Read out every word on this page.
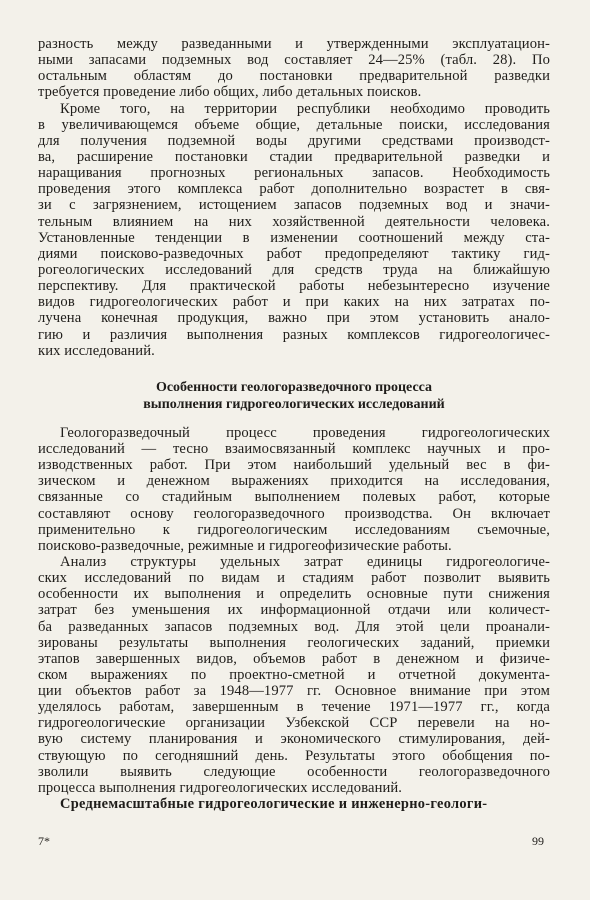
разность между разведанными и утвержденными эксплуатацион-
ными запасами подземных вод составляет 24—25% (табл. 28). По
остальным областям до постановки предварительной разведки
требуется проведение либо общих, либо детальных поисков.
Кроме того, на территории республики необходимо проводить
в увеличивающемся объеме общие, детальные поиски, исследования
для получения подземной воды другими средствами производст-
ва, расширение постановки стадии предварительной разведки и
наращивания прогнозных региональных запасов. Необходимость
проведения этого комплекса работ дополнительно возрастет в свя-
зи с загрязнением, истощением запасов подземных вод и значи-
тельным влиянием на них хозяйственной деятельности человека.
Установленные тенденции в изменении соотношений между ста-
диями поисково-разведочных работ предопределяют тактику гид-
рогеологических исследований для средств труда на ближайшую
перспективу. Для практической работы небезынтересно изучение
видов гидрогеологических работ и при каких на них затратах по-
лучена конечная продукция, важно при этом установить анало-
гию и различия выполнения разных комплексов гидрогеологичес-
ких исследований.
Особенности геологоразведочного процесса
выполнения гидрогеологических исследований
Геологоразведочный процесс проведения гидрогеологических
исследований — тесно взаимосвязанный комплекс научных и про-
изводственных работ. При этом наибольший удельный вес в фи-
зическом и денежном выражениях приходится на исследования,
связанные со стадийным выполнением полевых работ, которые
составляют основу геологоразведочного производства. Он включает
применительно к гидрогеологическим исследованиям съемочные,
поисково-разведочные, режимные и гидрогеофизические работы.
Анализ структуры удельных затрат единицы гидрогеологиче-
ских исследований по видам и стадиям работ позволит выявить
особенности их выполнения и определить основные пути снижения
затрат без уменьшения их информационной отдачи или количест-
ба разведанных запасов подземных вод. Для этой цели проанали-
зированы результаты выполнения геологических заданий, приемки
этапов завершенных видов, объемов работ в денежном и физиче-
ском выражениях по проектно-сметной и отчетной документа-
ции объектов работ за 1948—1977 гг. Основное внимание при этом
уделялось работам, завершенным в течение 1971—1977 гг., когда
гидрогеологические организации Узбекской ССР перевели на но-
вую систему планирования и экономического стимулирования, дей-
ствующую по сегодняшний день. Результаты этого обобщения по-
зволили выявить следующие особенности геологоразведочного
процесса выполнения гидрогеологических исследований.
Среднемасштабные гидрогеологические и инженерно-геологи-
7*	99
